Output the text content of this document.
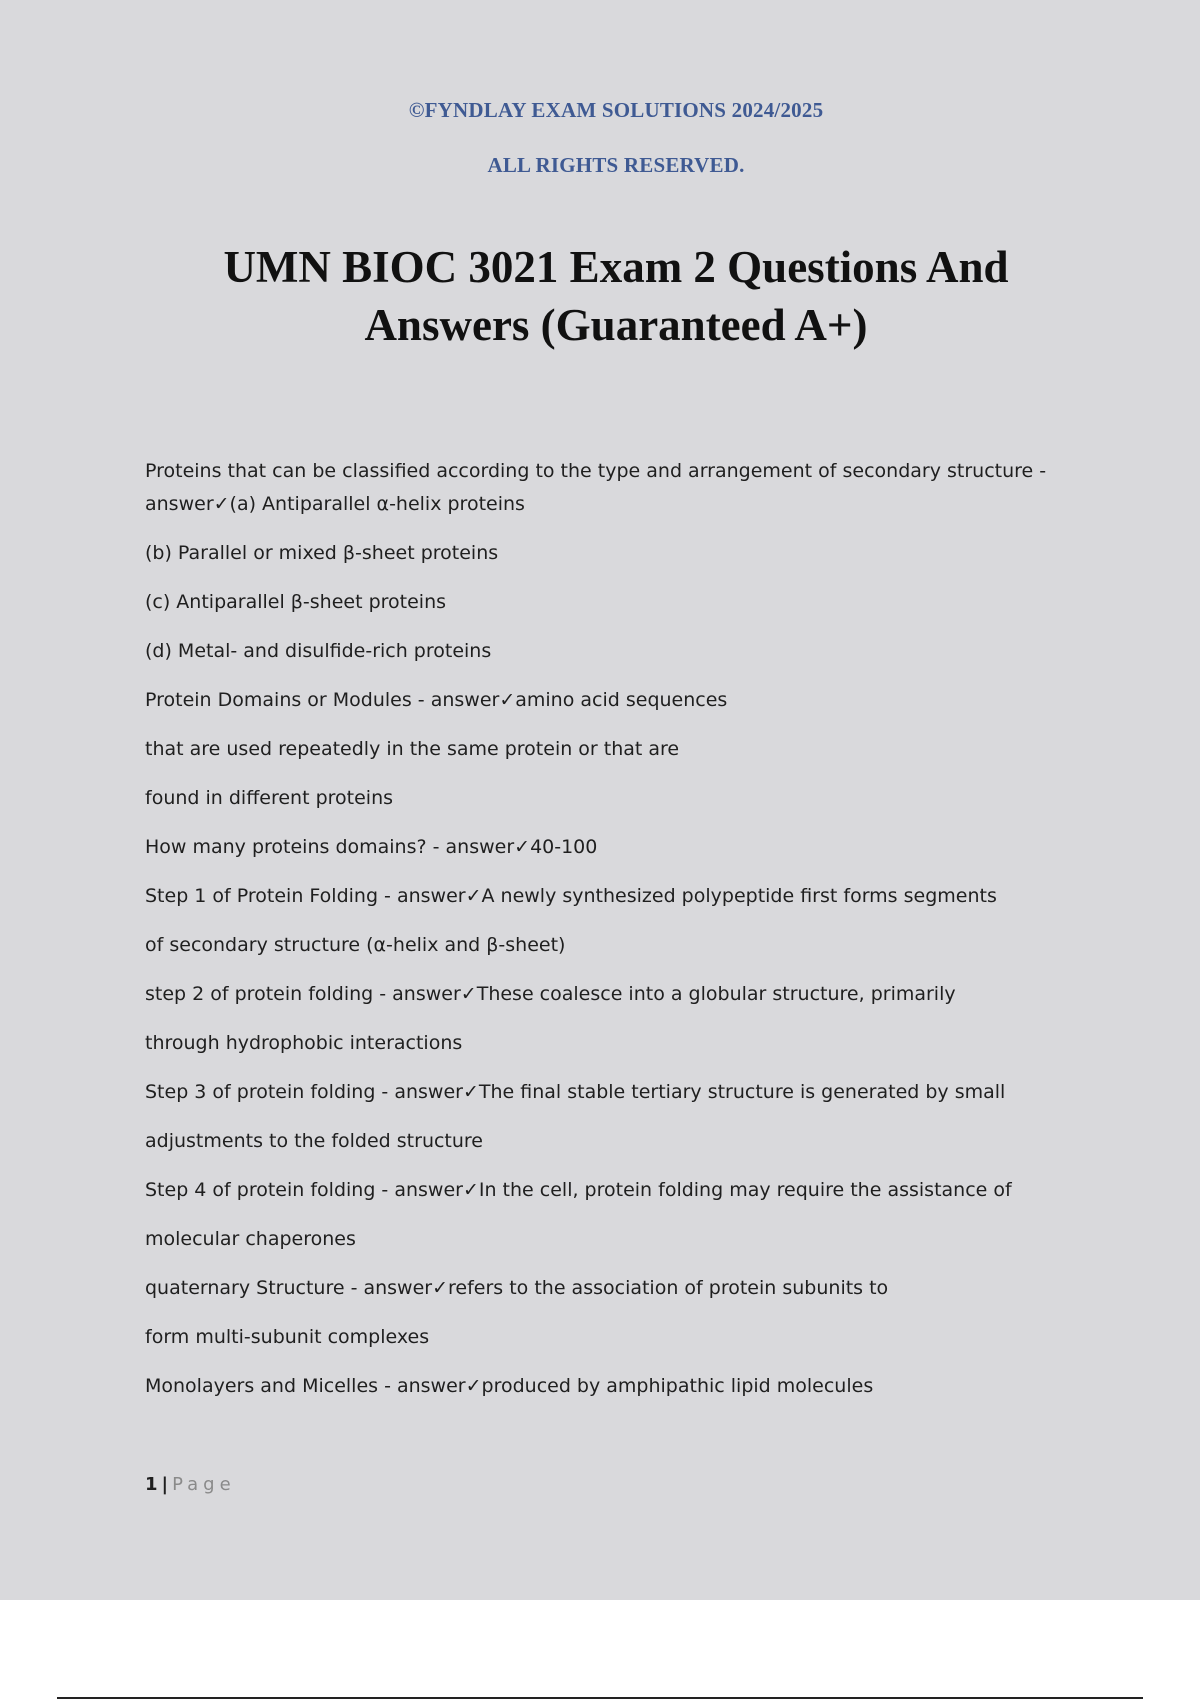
©FYNDLAY EXAM SOLUTIONS 2024/2025
ALL RIGHTS RESERVED.
UMN BIOC 3021 Exam 2 Questions And
Answers (Guaranteed A+)

Proteins that can be classified according to the type and arrangement of secondary structure -

answer✓(a) Antiparallel α-helix proteins

(b) Parallel or mixed β-sheet proteins

(c) Antiparallel β-sheet proteins

(d) Metal- and disulfide-rich proteins

Protein Domains or Modules - answer✓amino acid sequences

that are used repeatedly in the same protein or that are

found in different proteins

How many proteins domains? - answer✓40-100

Step 1 of Protein Folding - answer✓A newly synthesized polypeptide first forms segments

of secondary structure (α-helix and β-sheet)

step 2 of protein folding - answer✓These coalesce into a globular structure, primarily

through hydrophobic interactions

Step 3 of protein folding - answer✓The final stable tertiary structure is generated by small

adjustments to the folded structure

Step 4 of protein folding - answer✓In the cell, protein folding may require the assistance of

molecular chaperones

quaternary Structure - answer✓refers to the association of protein subunits to

form multi-subunit complexes

Monolayers and Micelles - answer✓produced by amphipathic lipid molecules

1 | Page
